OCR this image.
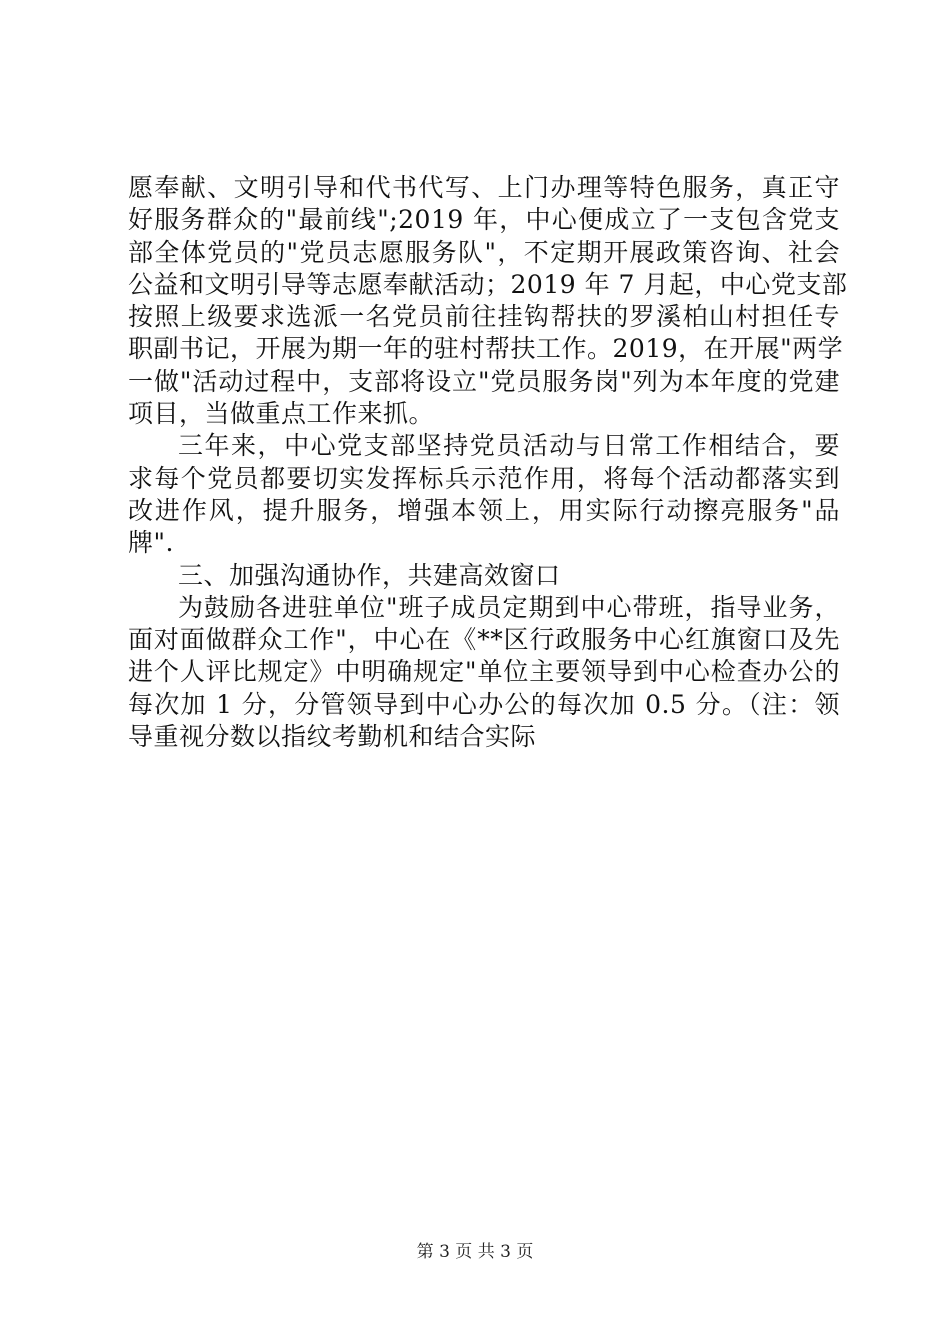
愿奉献、文明引导和代书代写、上门办理等特色服务，真正守
好服务群众的"最前线";2019 年，中心便成立了一支包含党支
部全体党员的"党员志愿服务队"，不定期开展政策咨询、社会
公益和文明引导等志愿奉献活动；2019 年 7 月起，中心党支部
按照上级要求选派一名党员前往挂钩帮扶的罗溪柏山村担任专
职副书记，开展为期一年的驻村帮扶工作。2019，在开展"两学
一做"活动过程中，支部将设立"党员服务岗"列为本年度的党建
项目，当做重点工作来抓。
三年来，中心党支部坚持党员活动与日常工作相结合，要
求每个党员都要切实发挥标兵示范作用，将每个活动都落实到
改进作风，提升服务，增强本领上，用实际行动擦亮服务"品
牌".
三、加强沟通协作，共建高效窗口
为鼓励各进驻单位"班子成员定期到中心带班，指导业务，
面对面做群众工作"，中心在《**区行政服务中心红旗窗口及先
进个人评比规定》中明确规定"单位主要领导到中心检查办公的
每次加 1 分，分管领导到中心办公的每次加 0.5 分。（注：领
导重视分数以指纹考勤机和结合实际
第 3 页 共 3 页
